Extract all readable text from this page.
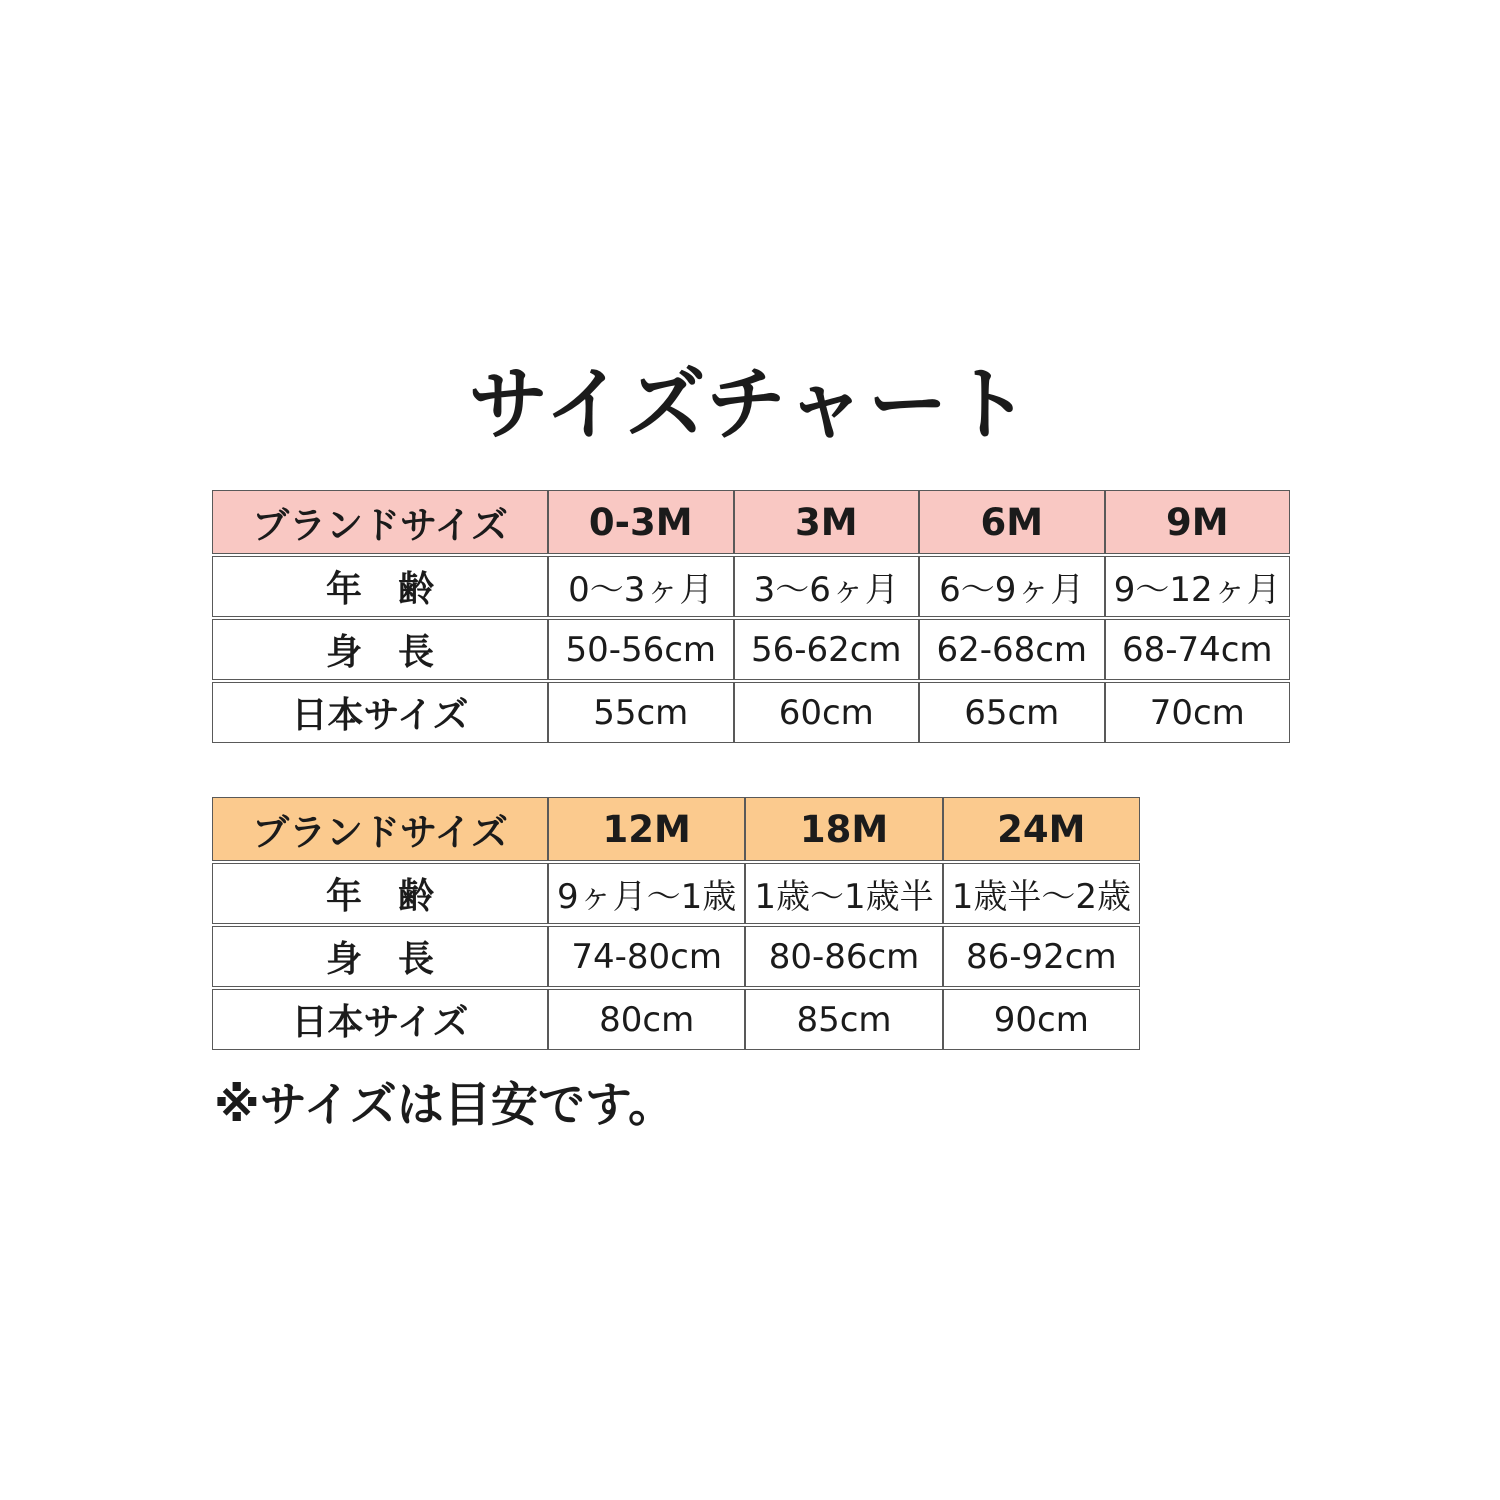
サイズチャート
ブランドサイズ	0-3M	3M	6M	9M
年　齢	0〜3ヶ月	3〜6ヶ月	6〜9ヶ月	9〜12ヶ月
身　長	50-56cm	56-62cm	62-68cm	68-74cm
日本サイズ	55cm	60cm	65cm	70cm
ブランドサイズ	12M	18M	24M
年　齢	9ヶ月〜1歳	1歳〜1歳半	1歳半〜2歳
身　長	74-80cm	80-86cm	86-92cm
日本サイズ	80cm	85cm	90cm

※サイズは目安です。
